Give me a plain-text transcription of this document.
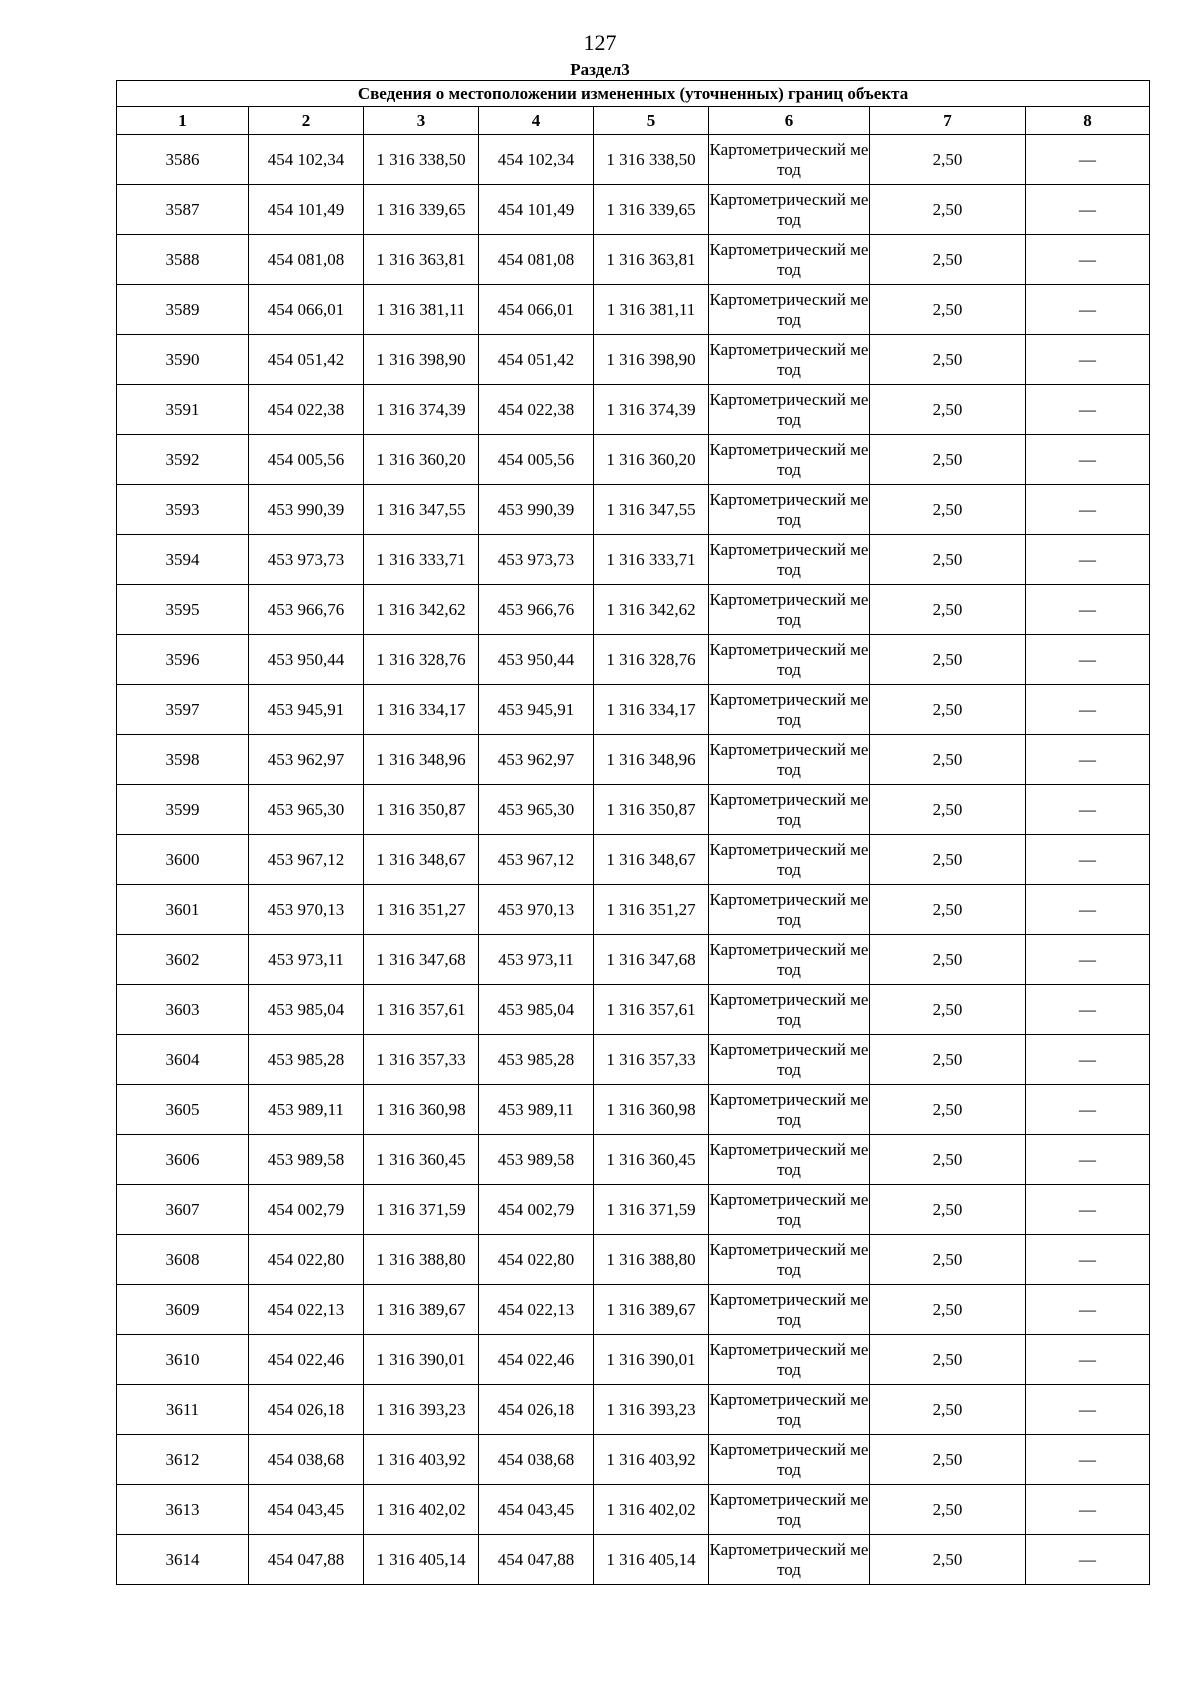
127
Раздел3
Сведения о местоположении измененных (уточненных) границ объекта							
1	2	3	4	5	6	7	8
3586	454 102,34	1 316 338,50	454 102,34	1 316 338,50	Картометрический метод	2,50	—
3587	454 101,49	1 316 339,65	454 101,49	1 316 339,65	Картометрический метод	2,50	—
3588	454 081,08	1 316 363,81	454 081,08	1 316 363,81	Картометрический метод	2,50	—
3589	454 066,01	1 316 381,11	454 066,01	1 316 381,11	Картометрический метод	2,50	—
3590	454 051,42	1 316 398,90	454 051,42	1 316 398,90	Картометрический метод	2,50	—
3591	454 022,38	1 316 374,39	454 022,38	1 316 374,39	Картометрический метод	2,50	—
3592	454 005,56	1 316 360,20	454 005,56	1 316 360,20	Картометрический метод	2,50	—
3593	453 990,39	1 316 347,55	453 990,39	1 316 347,55	Картометрический метод	2,50	—
3594	453 973,73	1 316 333,71	453 973,73	1 316 333,71	Картометрический метод	2,50	—
3595	453 966,76	1 316 342,62	453 966,76	1 316 342,62	Картометрический метод	2,50	—
3596	453 950,44	1 316 328,76	453 950,44	1 316 328,76	Картометрический метод	2,50	—
3597	453 945,91	1 316 334,17	453 945,91	1 316 334,17	Картометрический метод	2,50	—
3598	453 962,97	1 316 348,96	453 962,97	1 316 348,96	Картометрический метод	2,50	—
3599	453 965,30	1 316 350,87	453 965,30	1 316 350,87	Картометрический метод	2,50	—
3600	453 967,12	1 316 348,67	453 967,12	1 316 348,67	Картометрический метод	2,50	—
3601	453 970,13	1 316 351,27	453 970,13	1 316 351,27	Картометрический метод	2,50	—
3602	453 973,11	1 316 347,68	453 973,11	1 316 347,68	Картометрический метод	2,50	—
3603	453 985,04	1 316 357,61	453 985,04	1 316 357,61	Картометрический метод	2,50	—
3604	453 985,28	1 316 357,33	453 985,28	1 316 357,33	Картометрический метод	2,50	—
3605	453 989,11	1 316 360,98	453 989,11	1 316 360,98	Картометрический метод	2,50	—
3606	453 989,58	1 316 360,45	453 989,58	1 316 360,45	Картометрический метод	2,50	—
3607	454 002,79	1 316 371,59	454 002,79	1 316 371,59	Картометрический метод	2,50	—
3608	454 022,80	1 316 388,80	454 022,80	1 316 388,80	Картометрический метод	2,50	—
3609	454 022,13	1 316 389,67	454 022,13	1 316 389,67	Картометрический метод	2,50	—
3610	454 022,46	1 316 390,01	454 022,46	1 316 390,01	Картометрический метод	2,50	—
3611	454 026,18	1 316 393,23	454 026,18	1 316 393,23	Картометрический метод	2,50	—
3612	454 038,68	1 316 403,92	454 038,68	1 316 403,92	Картометрический метод	2,50	—
3613	454 043,45	1 316 402,02	454 043,45	1 316 402,02	Картометрический метод	2,50	—
3614	454 047,88	1 316 405,14	454 047,88	1 316 405,14	Картометрический метод	2,50	—
